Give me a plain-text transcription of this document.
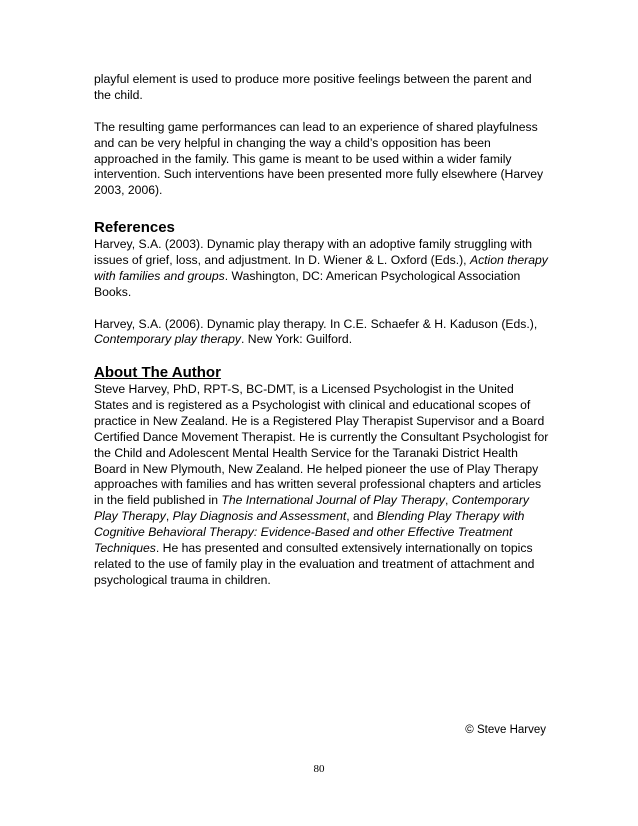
playful element is used to produce more positive feelings between the parent and the child.

The resulting game performances can lead to an experience of shared playfulness and can be very helpful in changing the way a child’s opposition has been approached in the family. This game is meant to be used within a wider family intervention. Such interventions have been presented more fully elsewhere (Harvey 2003, 2006).

References

Harvey, S.A. (2003). Dynamic play therapy with an adoptive family struggling with issues of grief, loss, and adjustment. In D. Wiener & L. Oxford (Eds.), Action therapy with families and groups. Washington, DC: American Psychological Association Books.

Harvey, S.A. (2006). Dynamic play therapy. In C.E. Schaefer & H. Kaduson (Eds.), Contemporary play therapy. New York: Guilford.

About The Author

Steve Harvey, PhD, RPT-S, BC-DMT, is a Licensed Psychologist in the United States and is registered as a Psychologist with clinical and educational scopes of practice in New Zealand. He is a Registered Play Therapist Supervisor and a Board Certified Dance Movement Therapist. He is currently the Consultant Psychologist for the Child and Adolescent Mental Health Service for the Taranaki District Health Board in New Plymouth, New Zealand. He helped pioneer the use of Play Therapy approaches with families and has written several professional chapters and articles in the field published in The International Journal of Play Therapy, Contemporary Play Therapy, Play Diagnosis and Assessment, and Blending Play Therapy with Cognitive Behavioral Therapy: Evidence-Based and other Effective Treatment Techniques. He has presented and consulted extensively internationally on topics related to the use of family play in the evaluation and treatment of attachment and psychological trauma in children.

© Steve Harvey
80
